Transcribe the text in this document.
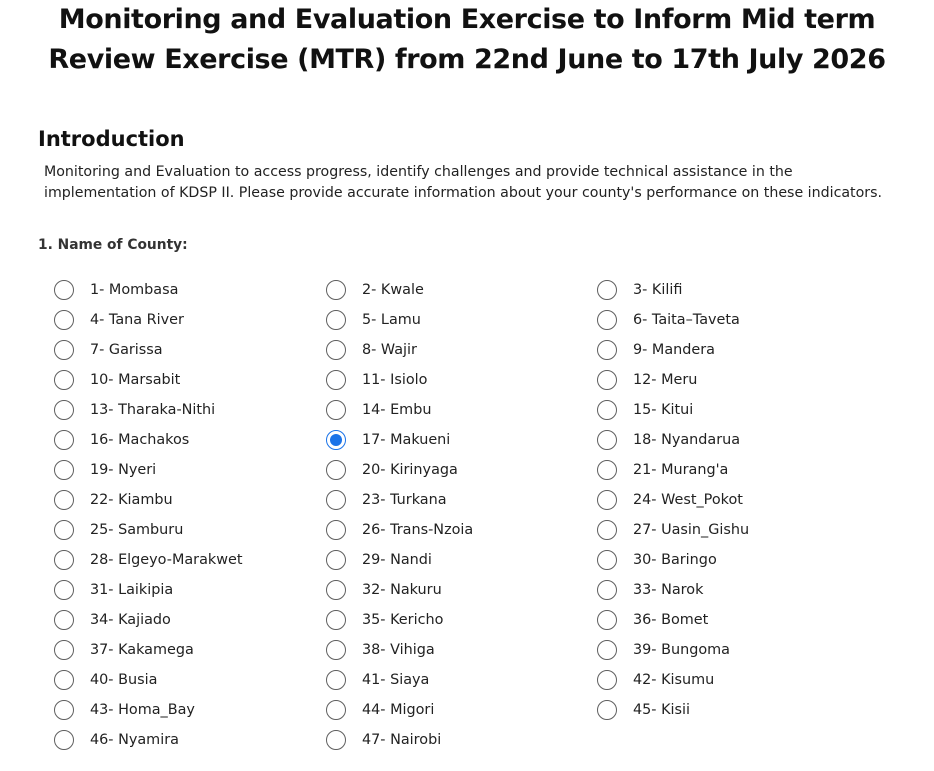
Monitoring and Evaluation Exercise to Inform Mid term
Review Exercise (MTR) from 22nd June to 17th July 2026
Introduction

Monitoring and Evaluation to access progress, identify challenges and provide technical assistance in the implementation of KDSP II. Please provide accurate information about your county's performance on these indicators.

1. Name of County:
1- Mombasa	2- Kwale	3- Kilifi
4- Tana River	5- Lamu	6- Taita–Taveta
7- Garissa	8- Wajir	9- Mandera
10- Marsabit	11- Isiolo	12- Meru
13- Tharaka-Nithi	14- Embu	15- Kitui
16- Machakos	17- Makueni	18- Nyandarua
19- Nyeri	20- Kirinyaga	21- Murang'a
22- Kiambu	23- Turkana	24- West_Pokot
25- Samburu	26- Trans-Nzoia	27- Uasin_Gishu
28- Elgeyo-Marakwet	29- Nandi	30- Baringo
31- Laikipia	32- Nakuru	33- Narok
34- Kajiado	35- Kericho	36- Bomet
37- Kakamega	38- Vihiga	39- Bungoma
40- Busia	41- Siaya	42- Kisumu
43- Homa_Bay	44- Migori	45- Kisii
46- Nyamira	47- Nairobi
